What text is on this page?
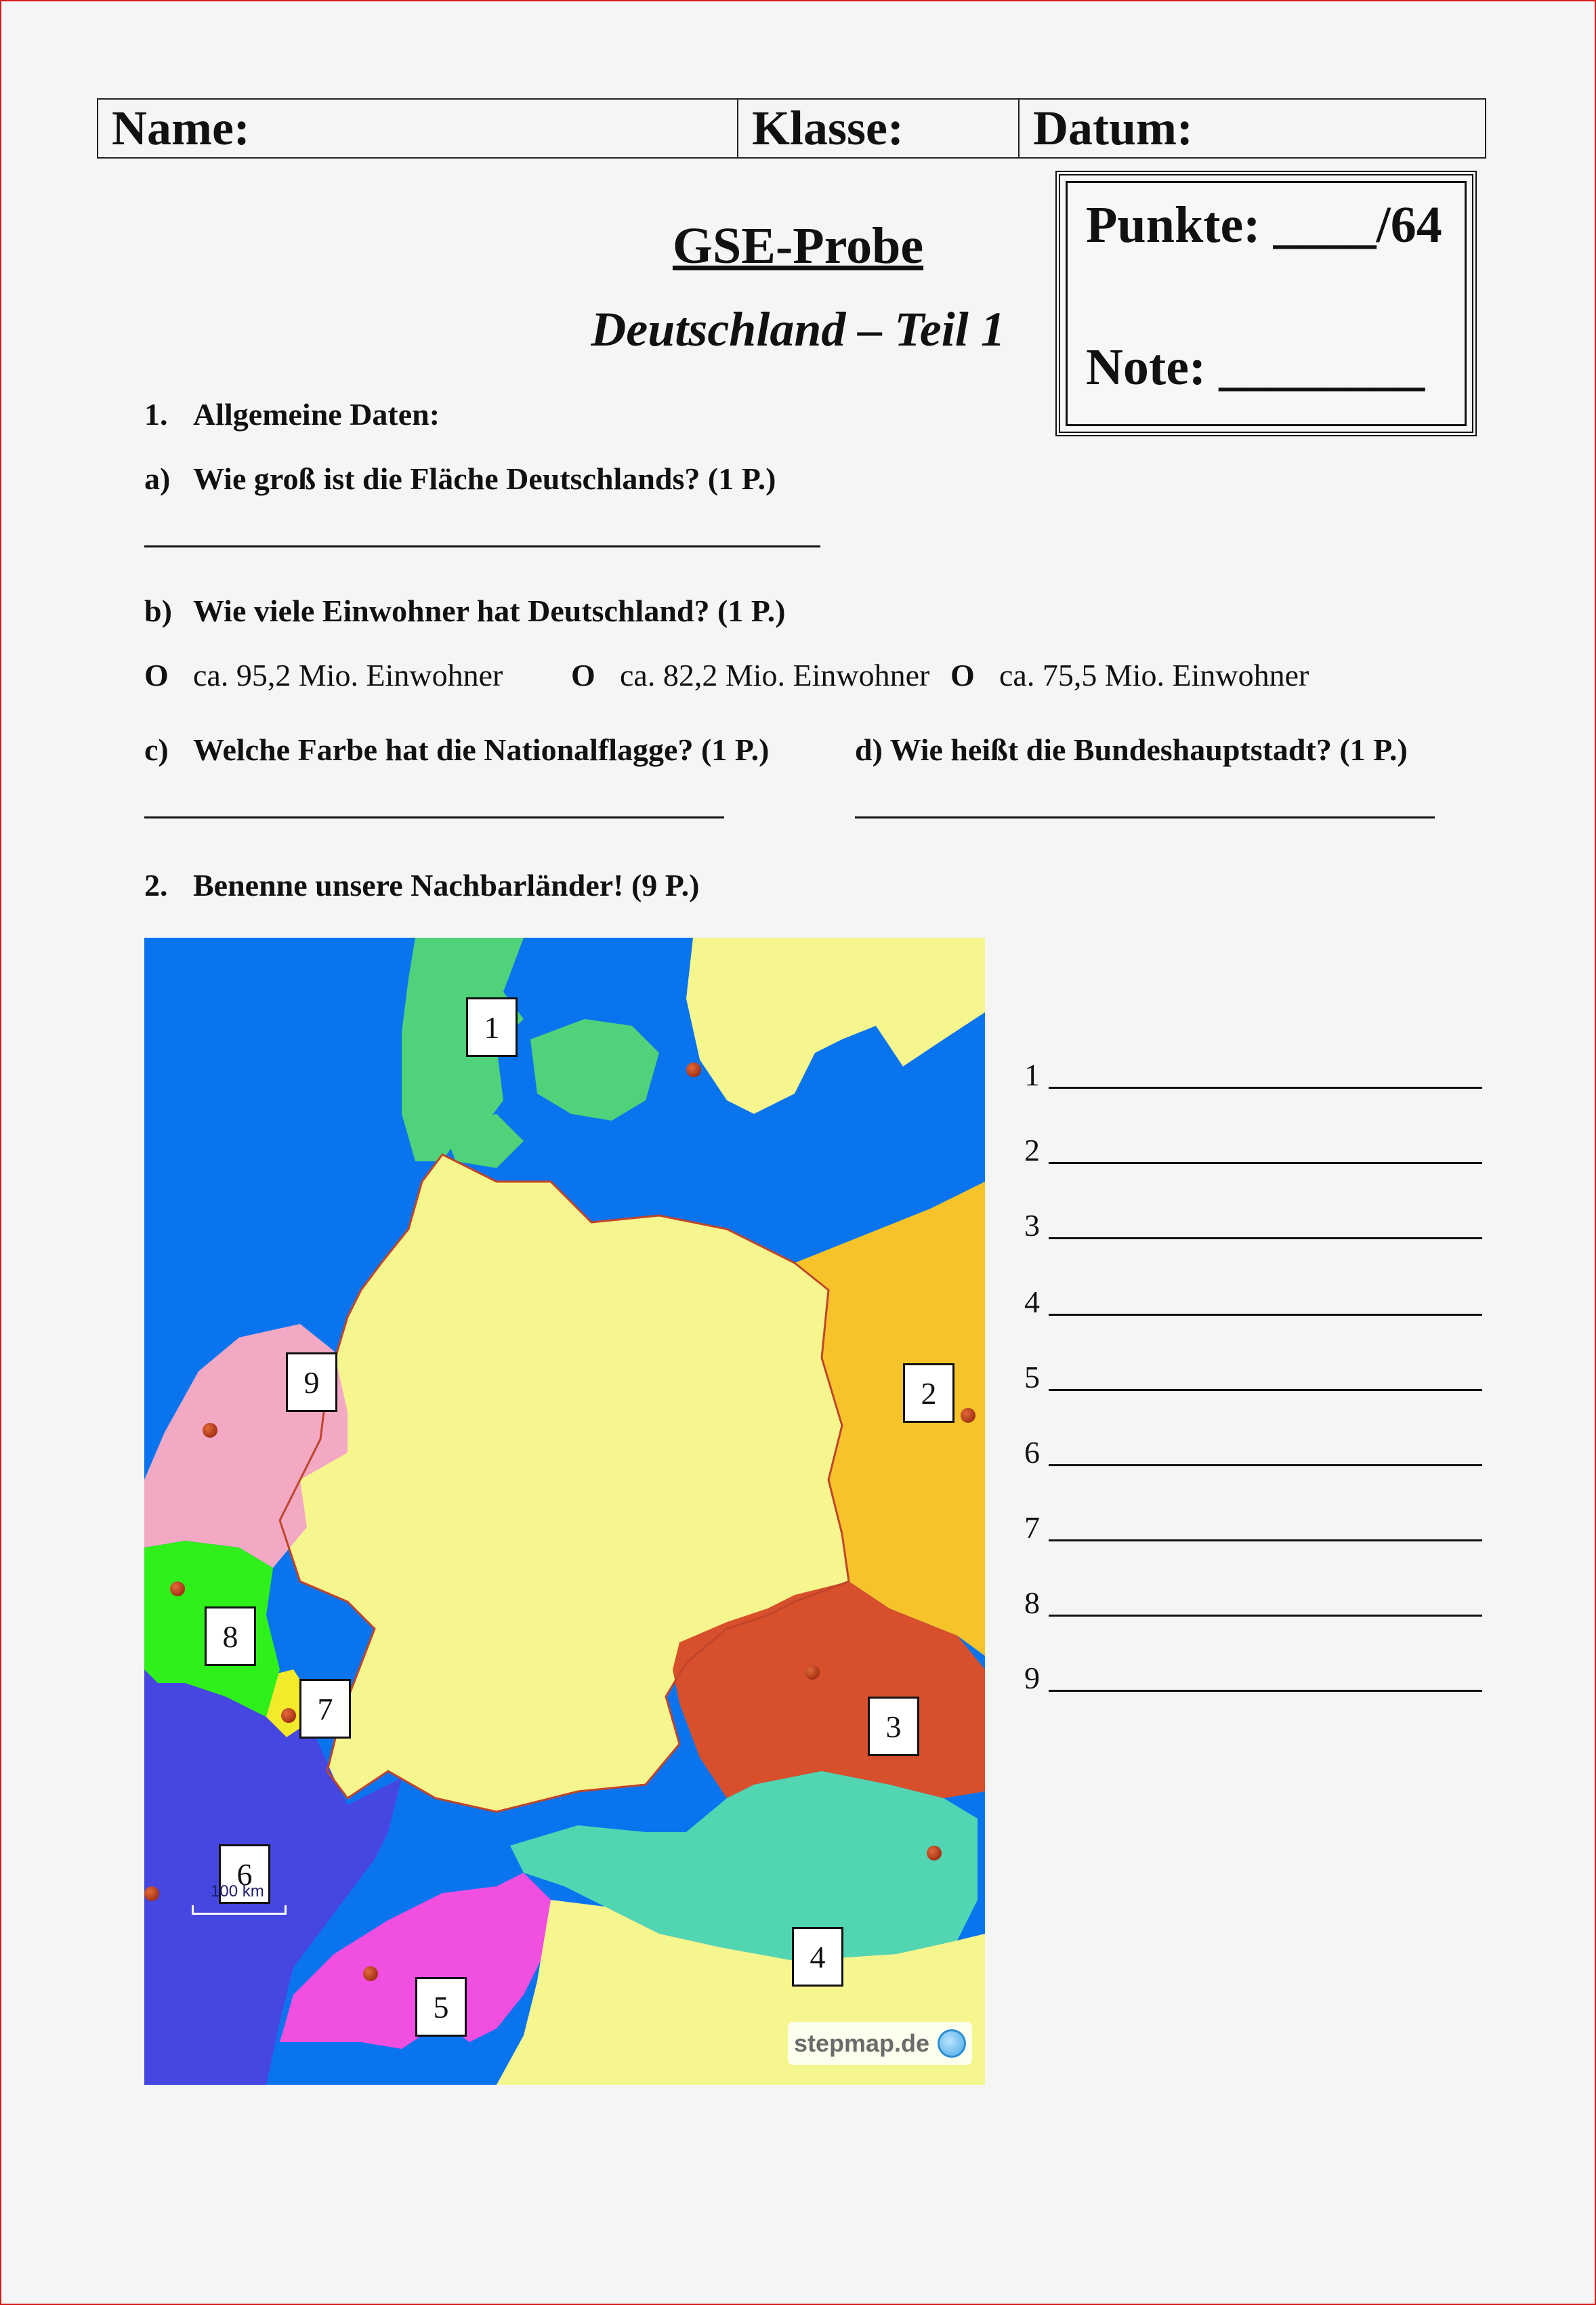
Name:	Klasse:	Datum:
Punkte: ____/64
Note: ________
GSE-Probe
Deutschland – Teil 1
1. Allgemeine Daten:
a) Wie groß ist die Fläche Deutschlands? (1 P.)
b) Wie viele Einwohner hat Deutschland? (1 P.)
O ca. 95,2 Mio. Einwohner O ca. 82,2 Mio. Einwohner O ca. 75,5 Mio. Einwohner
c) Welche Farbe hat die Nationalflagge? (1 P.)	d) Wie heißt die Bundeshauptstadt? (1 P.)
2. Benenne unsere Nachbarländer! (9 P.)
1
2
3
4
5
6
7
8
9
100 km
stepmap.de
1
2
3
4
5
6
7
8
9
